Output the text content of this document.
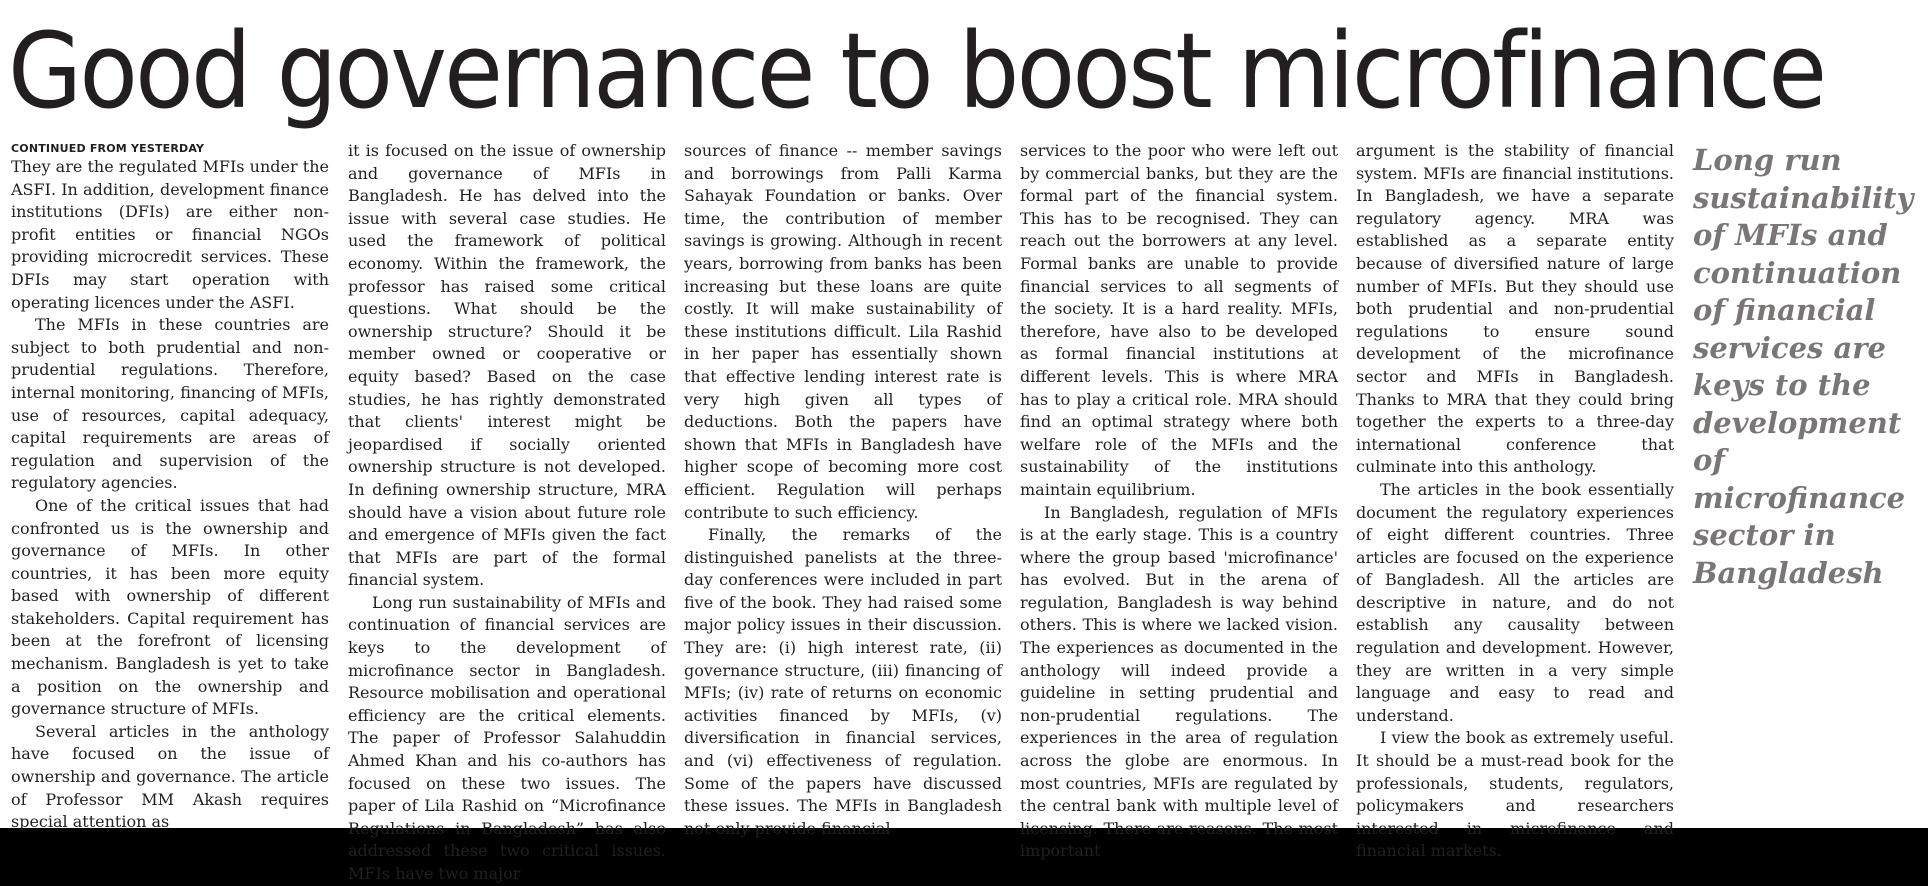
Good governance to boost microfinance
CONTINUED FROM YESTERDAY

They are the regulated MFIs under the ASFI. In addition, development finance institutions (DFIs) are either non-profit entities or financial NGOs providing microcredit services. These DFIs may start operation with operating licences under the ASFI.

The MFIs in these countries are subject to both prudential and non-prudential regulations. Therefore, internal monitoring, financing of MFIs, use of resources, capital adequacy, capital requirements are areas of regulation and supervision of the regulatory agencies.

One of the critical issues that had confronted us is the ownership and governance of MFIs. In other countries, it has been more equity based with ownership of different stakeholders. Capital requirement has been at the forefront of licensing mechanism. Bangladesh is yet to take a position on the ownership and governance structure of MFIs.

Several articles in the anthology have focused on the issue of ownership and governance. The article of Professor MM Akash requires special attention as

it is focused on the issue of ownership and governance of MFIs in Bangladesh. He has delved into the issue with several case studies. He used the framework of political economy. Within the framework, the professor has raised some critical questions. What should be the ownership structure? Should it be member owned or cooperative or equity based? Based on the case studies, he has rightly demonstrated that clients' interest might be jeopardised if socially oriented ownership structure is not developed. In defining ownership structure, MRA should have a vision about future role and emergence of MFIs given the fact that MFIs are part of the formal financial system.

Long run sustainability of MFIs and continuation of financial services are keys to the development of microfinance sector in Bangladesh. Resource mobilisation and operational efficiency are the critical elements. The paper of Professor Salahuddin Ahmed Khan and his co-authors has focused on these two issues. The paper of Lila Rashid on “Microfinance Regulations in Bangladesh” has also addressed these two critical issues. MFIs have two major

sources of finance -- member savings and borrowings from Palli Karma Sahayak Foundation or banks. Over time, the contribution of member savings is growing. Although in recent years, borrowing from banks has been increasing but these loans are quite costly. It will make sustainability of these institutions difficult. Lila Rashid in her paper has essentially shown that effective lending interest rate is very high given all types of deductions. Both the papers have shown that MFIs in Bangladesh have higher scope of becoming more cost efficient. Regulation will perhaps contribute to such efficiency.

Finally, the remarks of the distinguished panelists at the three-day conferences were included in part five of the book. They had raised some major policy issues in their discussion. They are: (i) high interest rate, (ii) governance structure, (iii) financing of MFIs; (iv) rate of returns on economic activities financed by MFIs, (v) diversification in financial services, and (vi) effectiveness of regulation. Some of the papers have discussed these issues. The MFIs in Bangladesh not only provide financial

services to the poor who were left out by commercial banks, but they are the formal part of the financial system. This has to be recognised. They can reach out the borrowers at any level. Formal banks are unable to provide financial services to all segments of the society. It is a hard reality. MFIs, therefore, have also to be developed as formal financial institutions at different levels. This is where MRA has to play a critical role. MRA should find an optimal strategy where both welfare role of the MFIs and the sustainability of the institutions maintain equilibrium.

In Bangladesh, regulation of MFIs is at the early stage. This is a country where the group based 'microfinance' has evolved. But in the arena of regulation, Bangladesh is way behind others. This is where we lacked vision. The experiences as documented in the anthology will indeed provide a guideline in setting prudential and non-prudential regulations. The experiences in the area of regulation across the globe are enormous. In most countries, MFIs are regulated by the central bank with multiple level of licensing. There are reasons. The most important

argument is the stability of financial system. MFIs are financial institutions. In Bangladesh, we have a separate regulatory agency. MRA was established as a separate entity because of diversified nature of large number of MFIs. But they should use both prudential and non-prudential regulations to ensure sound development of the microfinance sector and MFIs in Bangladesh. Thanks to MRA that they could bring together the experts to a three-day international conference that culminate into this anthology.

The articles in the book essentially document the regulatory experiences of eight different countries. Three articles are focused on the experience of Bangladesh. All the articles are descriptive in nature, and do not establish any causality between regulation and development. However, they are written in a very simple language and easy to read and understand.

I view the book as extremely useful. It should be a must-read book for the professionals, students, regulators, policymakers and researchers interested in microfinance and financial markets.

Long run sustainability of MFIs and continuation of financial services are keys to the development of microfinance sector in Bangladesh
